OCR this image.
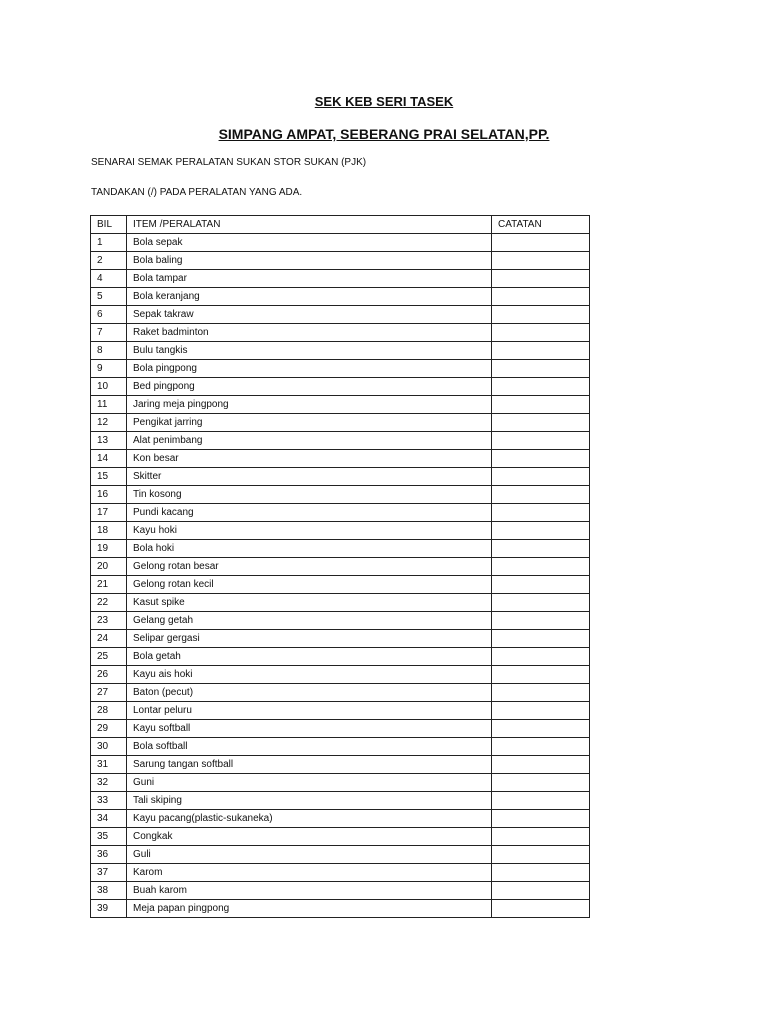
SEK KEB SERI TASEK
SIMPANG AMPAT, SEBERANG PRAI SELATAN,PP.
SENARAI SEMAK PERALATAN SUKAN STOR SUKAN (PJK)
TANDAKAN (/) PADA PERALATAN YANG ADA.
BIL	ITEM /PERALATAN	CATATAN
1	Bola sepak	
2	Bola baling	
4	Bola tampar	
5	Bola keranjang	
6	Sepak takraw	
7	Raket badminton	
8	Bulu tangkis	
9	Bola pingpong	
10	Bed pingpong	
11	Jaring meja pingpong	
12	Pengikat jarring	
13	Alat penimbang	
14	Kon besar	
15	Skitter	
16	Tin kosong	
17	Pundi kacang	
18	Kayu hoki	
19	Bola hoki	
20	Gelong rotan besar	
21	Gelong rotan kecil	
22	Kasut spike	
23	Gelang getah	
24	Selipar gergasi	
25	Bola getah	
26	Kayu ais hoki	
27	Baton (pecut)	
28	Lontar peluru	
29	Kayu softball	
30	Bola softball	
31	Sarung tangan softball	
32	Guni	
33	Tali skiping	
34	Kayu pacang(plastic-sukaneka)	
35	Congkak	
36	Guli	
37	Karom	
38	Buah karom	
39	Meja papan pingpong	
